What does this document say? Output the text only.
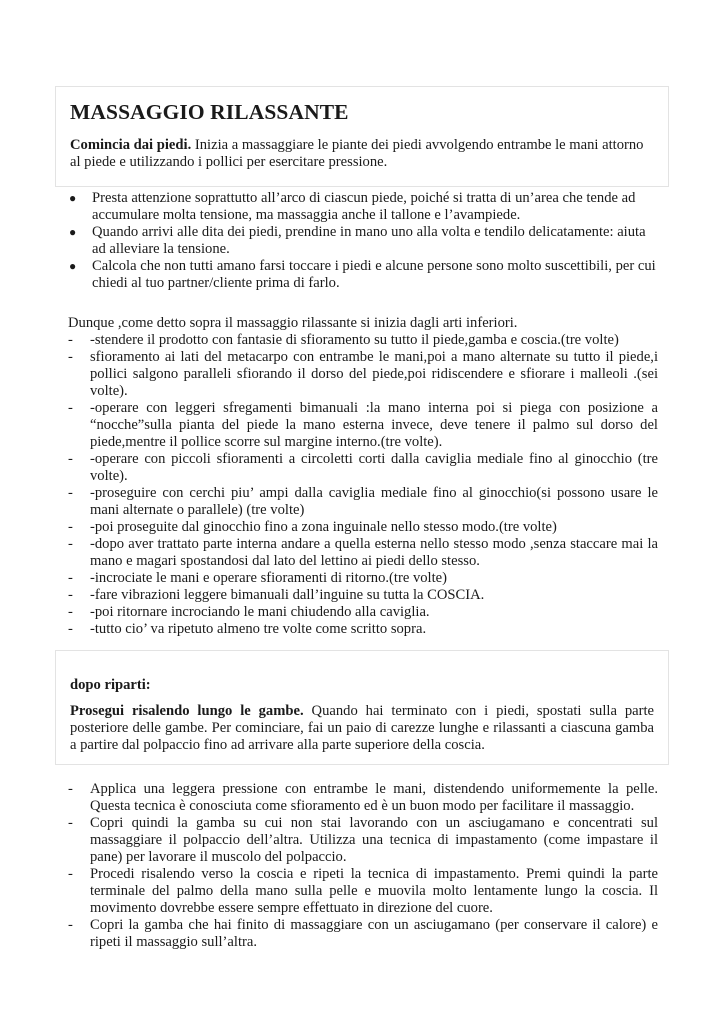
MASSAGGIO RILASSANTE

Comincia dai piedi. Inizia a massaggiare le piante dei piedi avvolgendo entrambe le mani attorno al piede e utilizzando i pollici per esercitare pressione.

● Presta attenzione soprattutto all’arco di ciascun piede, poiché si tratta di un’area che tende ad accumulare molta tensione, ma massaggia anche il tallone e l’avampiede.
● Quando arrivi alle dita dei piedi, prendine in mano uno alla volta e tendilo delicatamente: aiuta ad alleviare la tensione.
● Calcola che non tutti amano farsi toccare i piedi e alcune persone sono molto suscettibili, per cui chiedi al tuo partner/cliente prima di farlo.

Dunque ,come detto sopra il massaggio rilassante si inizia dagli arti inferiori.

- -stendere il prodotto con fantasie di sfioramento su tutto il piede,gamba e coscia.(tre volte)
- sfioramento ai lati del metacarpo con entrambe le mani,poi a mano alternate su tutto il piede,i pollici salgono paralleli sfiorando il dorso del piede,poi ridiscendere e sfiorare i malleoli .(sei volte).
- -operare con leggeri sfregamenti bimanuali :la mano interna poi si piega con posizione a “nocche”sulla pianta del piede la mano esterna invece, deve tenere il palmo sul dorso del piede,mentre il pollice scorre sul margine interno.(tre volte).
- -operare con piccoli sfioramenti a circoletti corti dalla caviglia mediale fino al ginocchio (tre volte).
- -proseguire con cerchi piu’ ampi dalla caviglia mediale fino al ginocchio(si possono usare le mani alternate o parallele) (tre volte)
- -poi proseguite dal ginocchio fino a zona inguinale nello stesso modo.(tre volte)
- -dopo aver trattato parte interna andare a quella esterna nello stesso modo ,senza staccare mai la mano e magari spostandosi dal lato del lettino ai piedi dello stesso.
- -incrociate le mani e operare sfioramenti di ritorno.(tre volte)
- -fare vibrazioni leggere bimanuali dall’inguine su tutta la COSCIA.
- -poi ritornare incrociando le mani chiudendo alla caviglia.
- -tutto cio’ va ripetuto almeno tre volte come scritto sopra.

dopo riparti:

Prosegui risalendo lungo le gambe. Quando hai terminato con i piedi, spostati sulla parte posteriore delle gambe. Per cominciare, fai un paio di carezze lunghe e rilassanti a ciascuna gamba a partire dal polpaccio fino ad arrivare alla parte superiore della coscia.

- Applica una leggera pressione con entrambe le mani, distendendo uniformemente la pelle. Questa tecnica è conosciuta come sfioramento ed è un buon modo per facilitare il massaggio.
- Copri quindi la gamba su cui non stai lavorando con un asciugamano e concentrati sul massaggiare il polpaccio dell’altra. Utilizza una tecnica di impastamento (come impastare il pane) per lavorare il muscolo del polpaccio.
- Procedi risalendo verso la coscia e ripeti la tecnica di impastamento. Premi quindi la parte terminale del palmo della mano sulla pelle e muovila molto lentamente lungo la coscia. Il movimento dovrebbe essere sempre effettuato in direzione del cuore.
- Copri la gamba che hai finito di massaggiare con un asciugamano (per conservare il calore) e ripeti il massaggio sull’altra.
